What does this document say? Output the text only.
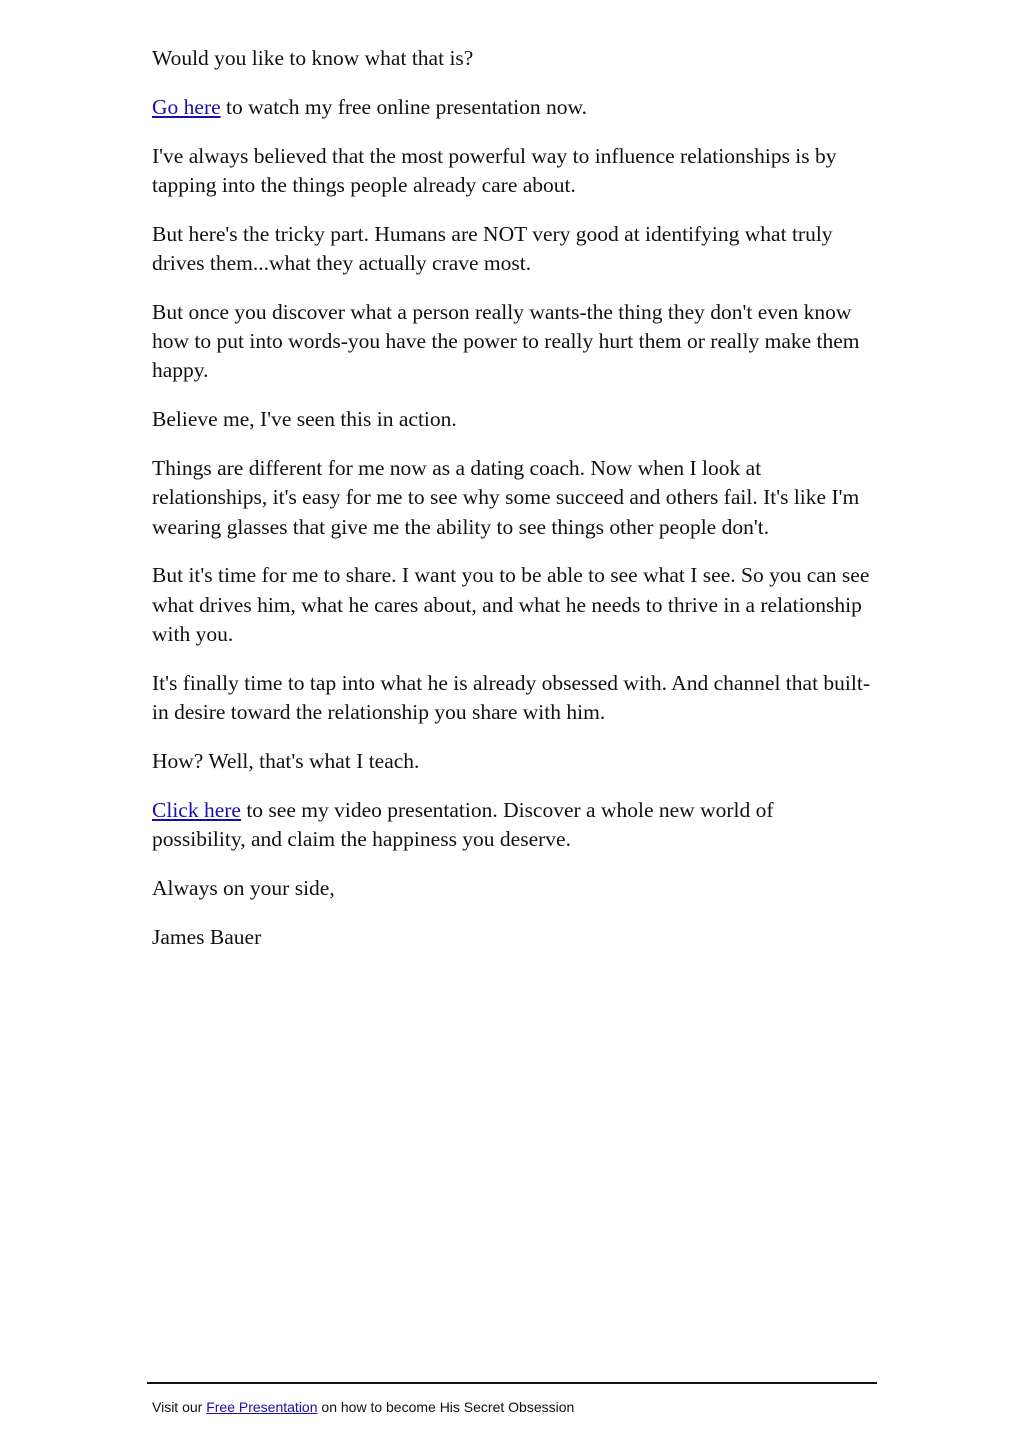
Would you like to know what that is?

Go here to watch my free online presentation now.

I've always believed that the most powerful way to influence relationships is by tapping into the things people already care about.

But here's the tricky part. Humans are NOT very good at identifying what truly drives them...what they actually crave most.

But once you discover what a person really wants-the thing they don't even know how to put into words-you have the power to really hurt them or really make them happy.

Believe me, I've seen this in action.

Things are different for me now as a dating coach. Now when I look at relationships, it's easy for me to see why some succeed and others fail. It's like I'm wearing glasses that give me the ability to see things other people don't.

But it's time for me to share. I want you to be able to see what I see. So you can see what drives him, what he cares about, and what he needs to thrive in a relationship with you.

It's finally time to tap into what he is already obsessed with. And channel that built-in desire toward the relationship you share with him.

How? Well, that's what I teach.

Click here to see my video presentation. Discover a whole new world of possibility, and claim the happiness you deserve.

Always on your side,

James Bauer

Visit our Free Presentation on how to become His Secret Obsession
